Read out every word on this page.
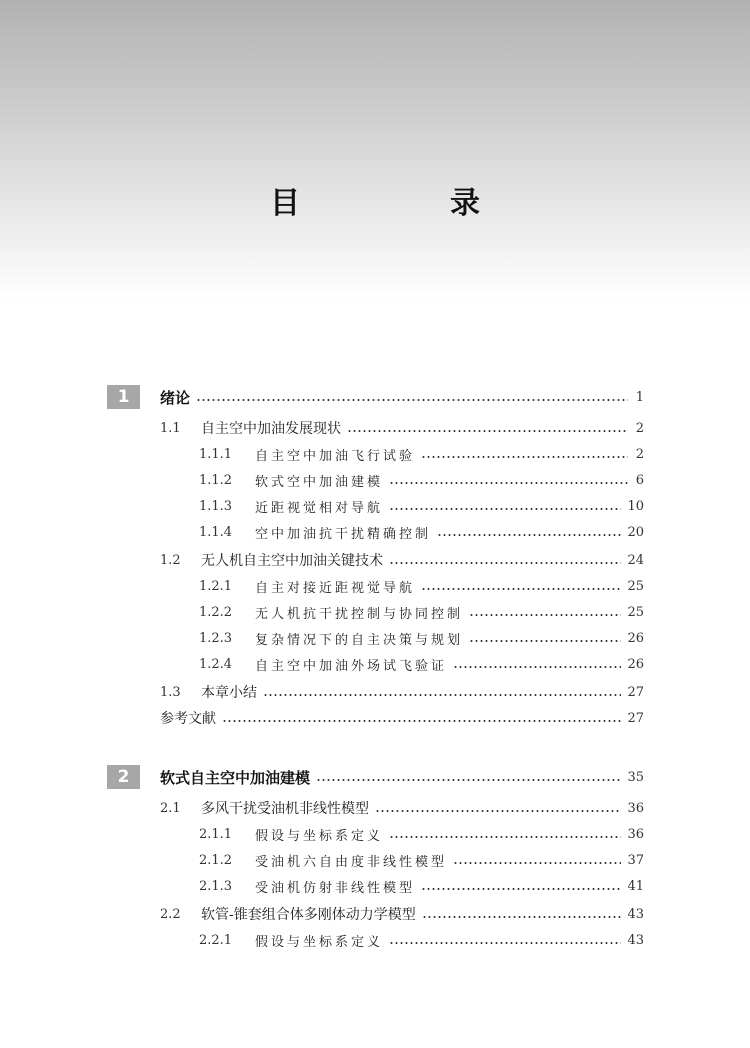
目　录
1	绪论	1
1.1	自主空中加油发展现状	2
1.1.1	自主空中加油飞行试验	2
1.1.2	软式空中加油建模	6
1.1.3	近距视觉相对导航	10
1.1.4	空中加油抗干扰精确控制	20
1.2	无人机自主空中加油关键技术	24
1.2.1	自主对接近距视觉导航	25
1.2.2	无人机抗干扰控制与协同控制	25
1.2.3	复杂情况下的自主决策与规划	26
1.2.4	自主空中加油外场试飞验证	26
1.3	本章小结	27
参考文献	27
2	软式自主空中加油建模	35
2.1	多风干扰受油机非线性模型	36
2.1.1	假设与坐标系定义	36
2.1.2	受油机六自由度非线性模型	37
2.1.3	受油机仿射非线性模型	41
2.2	软管-锥套组合体多刚体动力学模型	43
2.2.1	假设与坐标系定义	43
